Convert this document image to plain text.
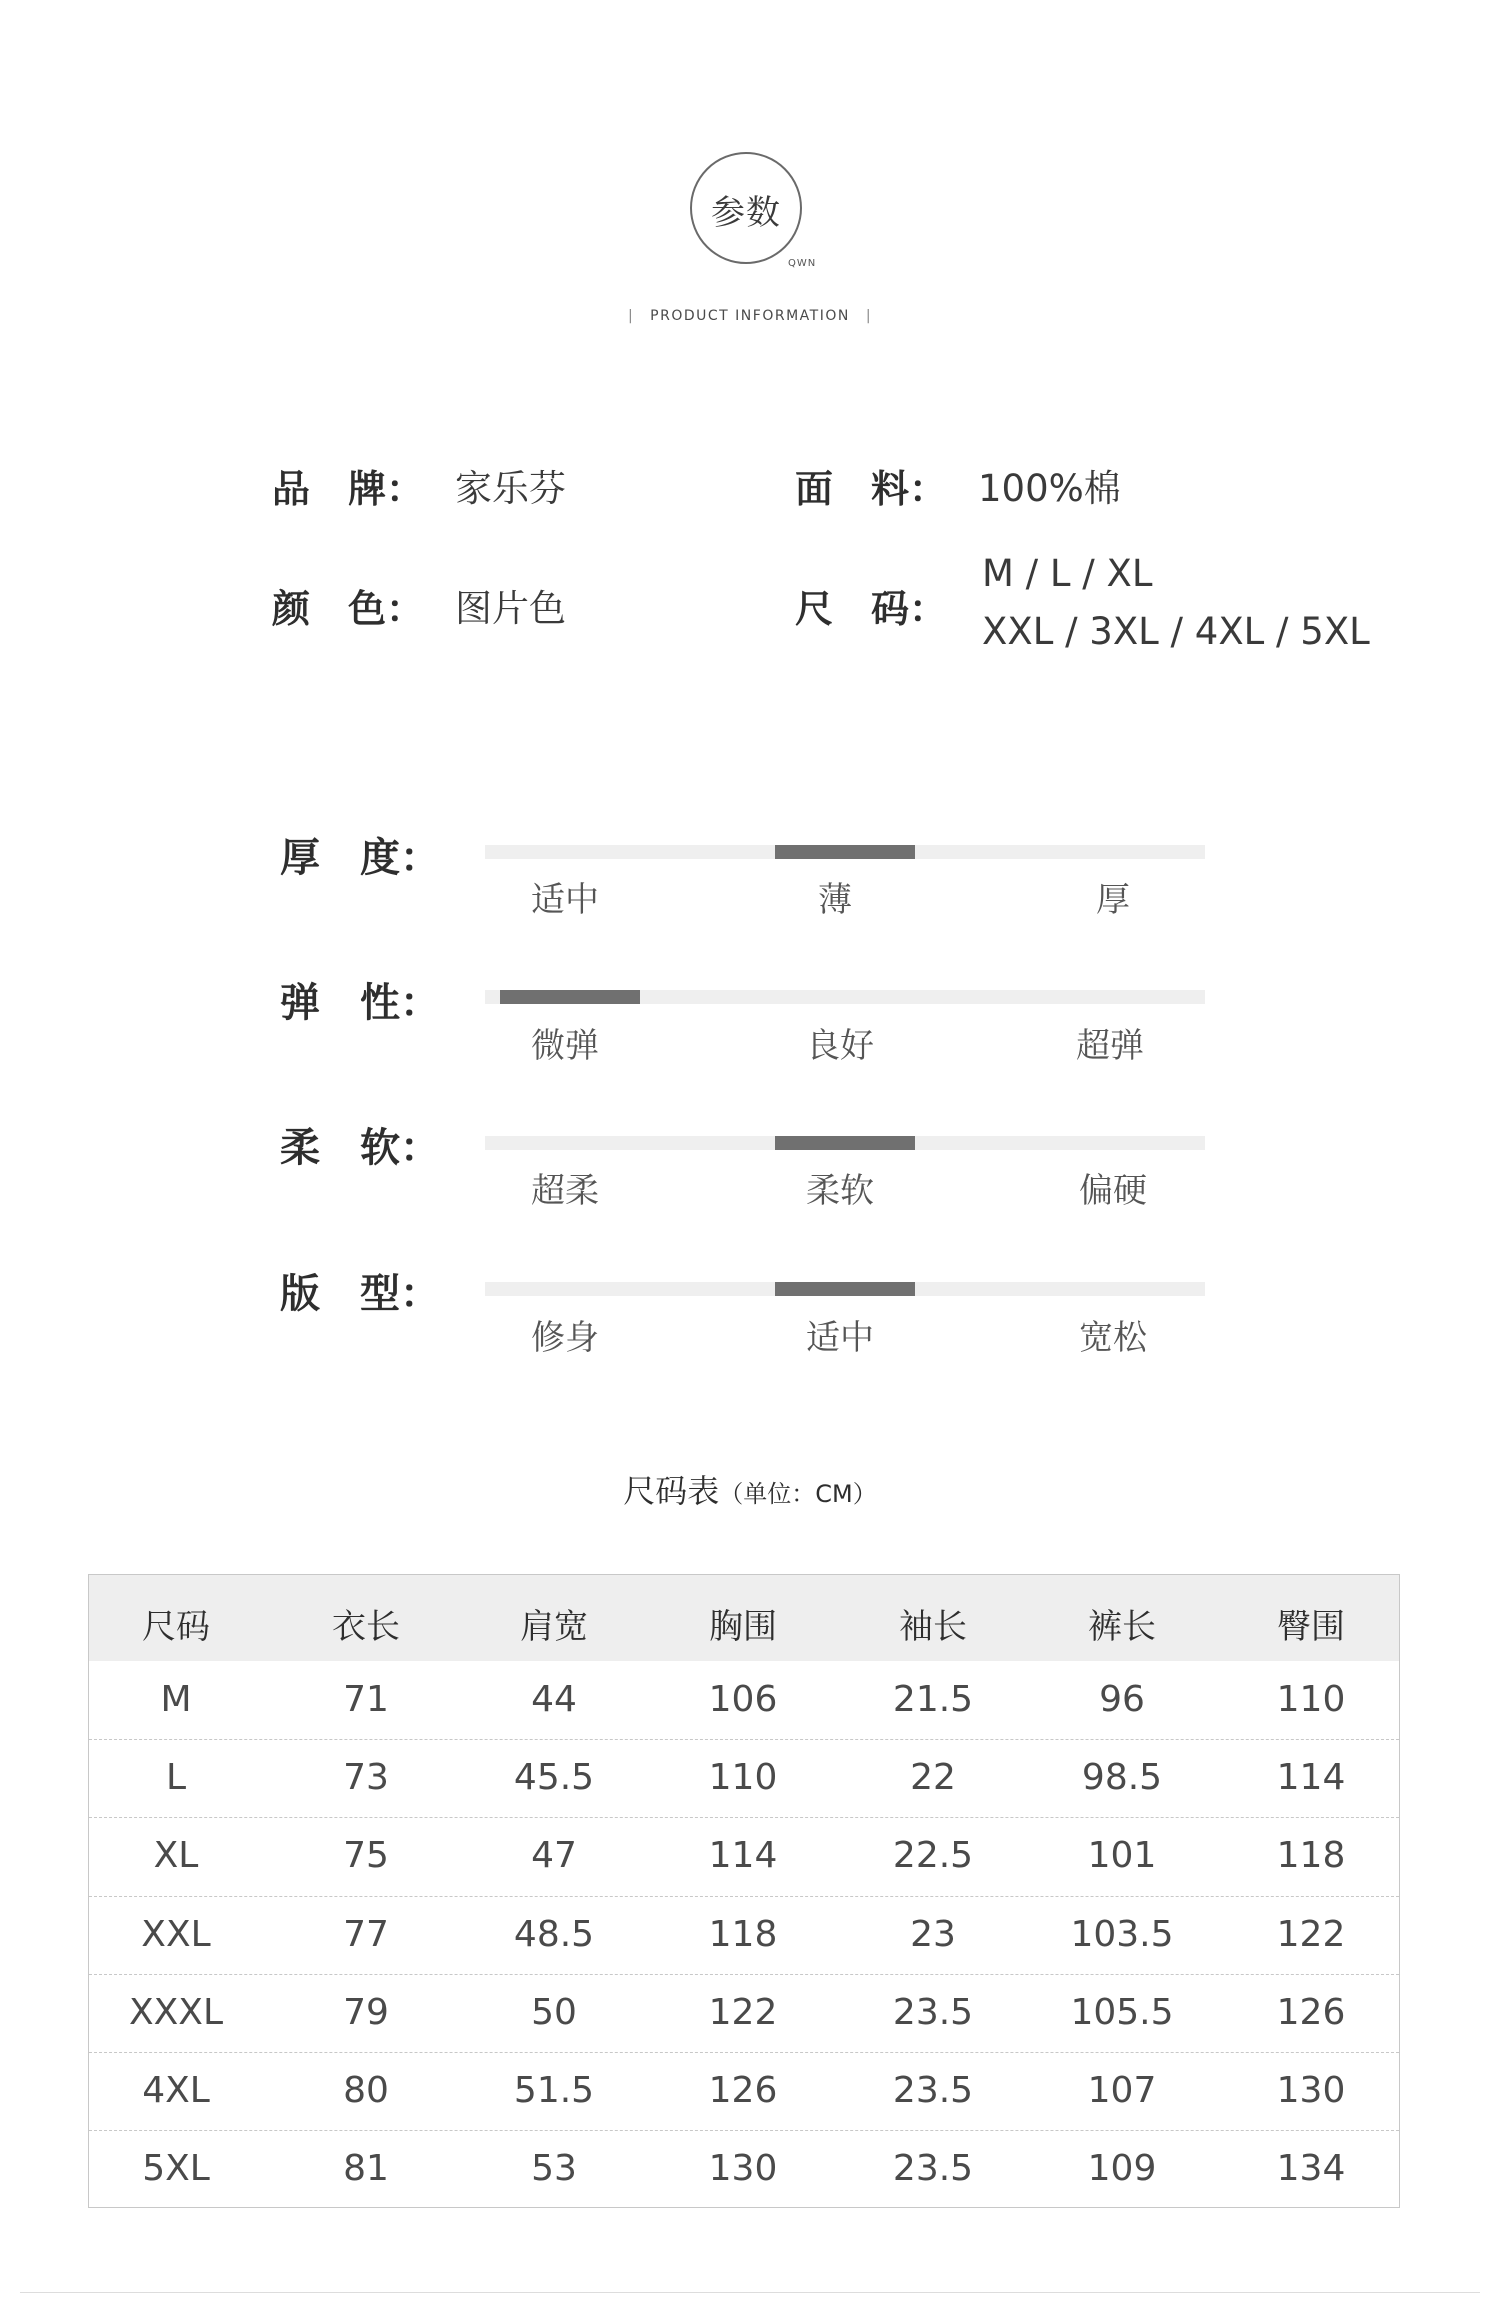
参数
QWN
| PRODUCT INFORMATION |
品　牌： 家乐芬	面　料： 100%棉
颜　色： 图片色	尺　码：
M / L / XL
XXL / 3XL / 4XL / 5XL
厚　度：
适中	薄	厚
弹　性：
微弹	良好	超弹
柔　软：
超柔	柔软	偏硬
版　型：
修身	适中	宽松
尺码表（单位：CM）
尺码	衣长	肩宽	胸围	袖长	裤长	臀围
M	71	44	106	21.5	96	110
L	73	45.5	110	22	98.5	114
XL	75	47	114	22.5	101	118
XXL	77	48.5	118	23	103.5	122
XXXL	79	50	122	23.5	105.5	126
4XL	80	51.5	126	23.5	107	130
5XL	81	53	130	23.5	109	134
